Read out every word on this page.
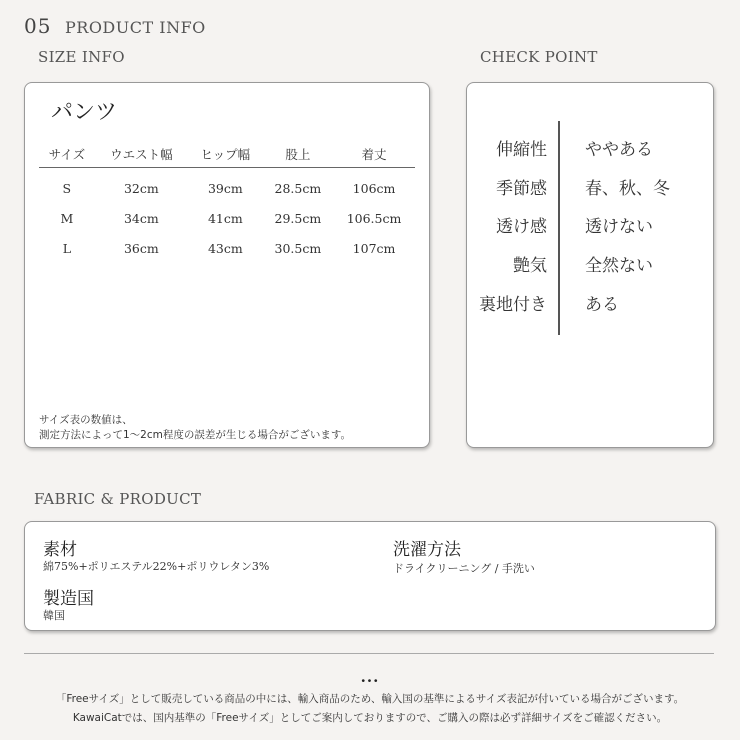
05 PRODUCT INFO
SIZE INFO	CHECK POINT
パンツ
サイズ	ウエスト幅	ヒップ幅	股上	着丈
S	32cm	39cm	28.5cm	106cm
M	34cm	41cm	29.5cm	106.5cm
L	36cm	43cm	30.5cm	107cm
サイズ表の数値は、
測定方法によって1〜2cm程度の誤差が生じる場合がございます。
伸縮性 ややある
季節感 春、秋、冬
透け感 透けない
艶気 全然ない
裏地付き ある
FABRIC & PRODUCT
素材
綿75%+ポリエステル22%+ポリウレタン3%
洗濯方法
ドライクリーニング / 手洗い
製造国
韓国
...
「Freeサイズ」として販売している商品の中には、輸入商品のため、輸入国の基準によるサイズ表記が付いている場合がございます。
KawaiCatでは、国内基準の「Freeサイズ」としてご案内しておりますので、ご購入の際は必ず詳細サイズをご確認ください。
